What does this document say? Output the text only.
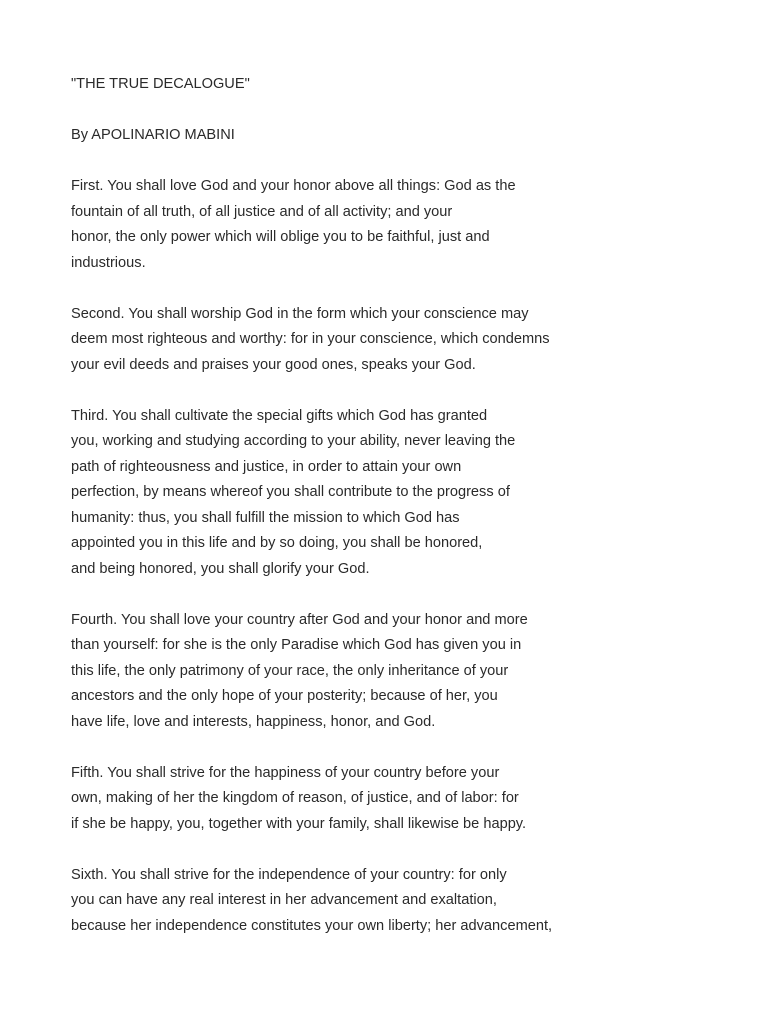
"THE TRUE DECALOGUE"
By APOLINARIO MABINI
First. You shall love God and your honor above all things: God as the
fountain of all truth, of all justice and of all activity; and your
honor, the only power which will oblige you to be faithful, just and
industrious.
Second. You shall worship God in the form which your conscience may
deem most righteous and worthy: for in your conscience, which condemns
your evil deeds and praises your good ones, speaks your God.
Third. You shall cultivate the special gifts which God has granted
you, working and studying according to your ability, never leaving the
path of righteousness and justice, in order to attain your own
perfection, by means whereof you shall contribute to the progress of
humanity: thus, you shall fulfill the mission to which God has
appointed you in this life and by so doing, you shall be honored,
and being honored, you shall glorify your God.
Fourth. You shall love your country after God and your honor and more
than yourself: for she is the only Paradise which God has given you in
this life, the only patrimony of your race, the only inheritance of your
ancestors and the only hope of your posterity; because of her, you
have life, love and interests, happiness, honor, and God.
Fifth. You shall strive for the happiness of your country before your
own, making of her the kingdom of reason, of justice, and of labor: for
if she be happy, you, together with your family, shall likewise be happy.
Sixth. You shall strive for the independence of your country: for only
you can have any real interest in her advancement and exaltation,
because her independence constitutes your own liberty; her advancement,
